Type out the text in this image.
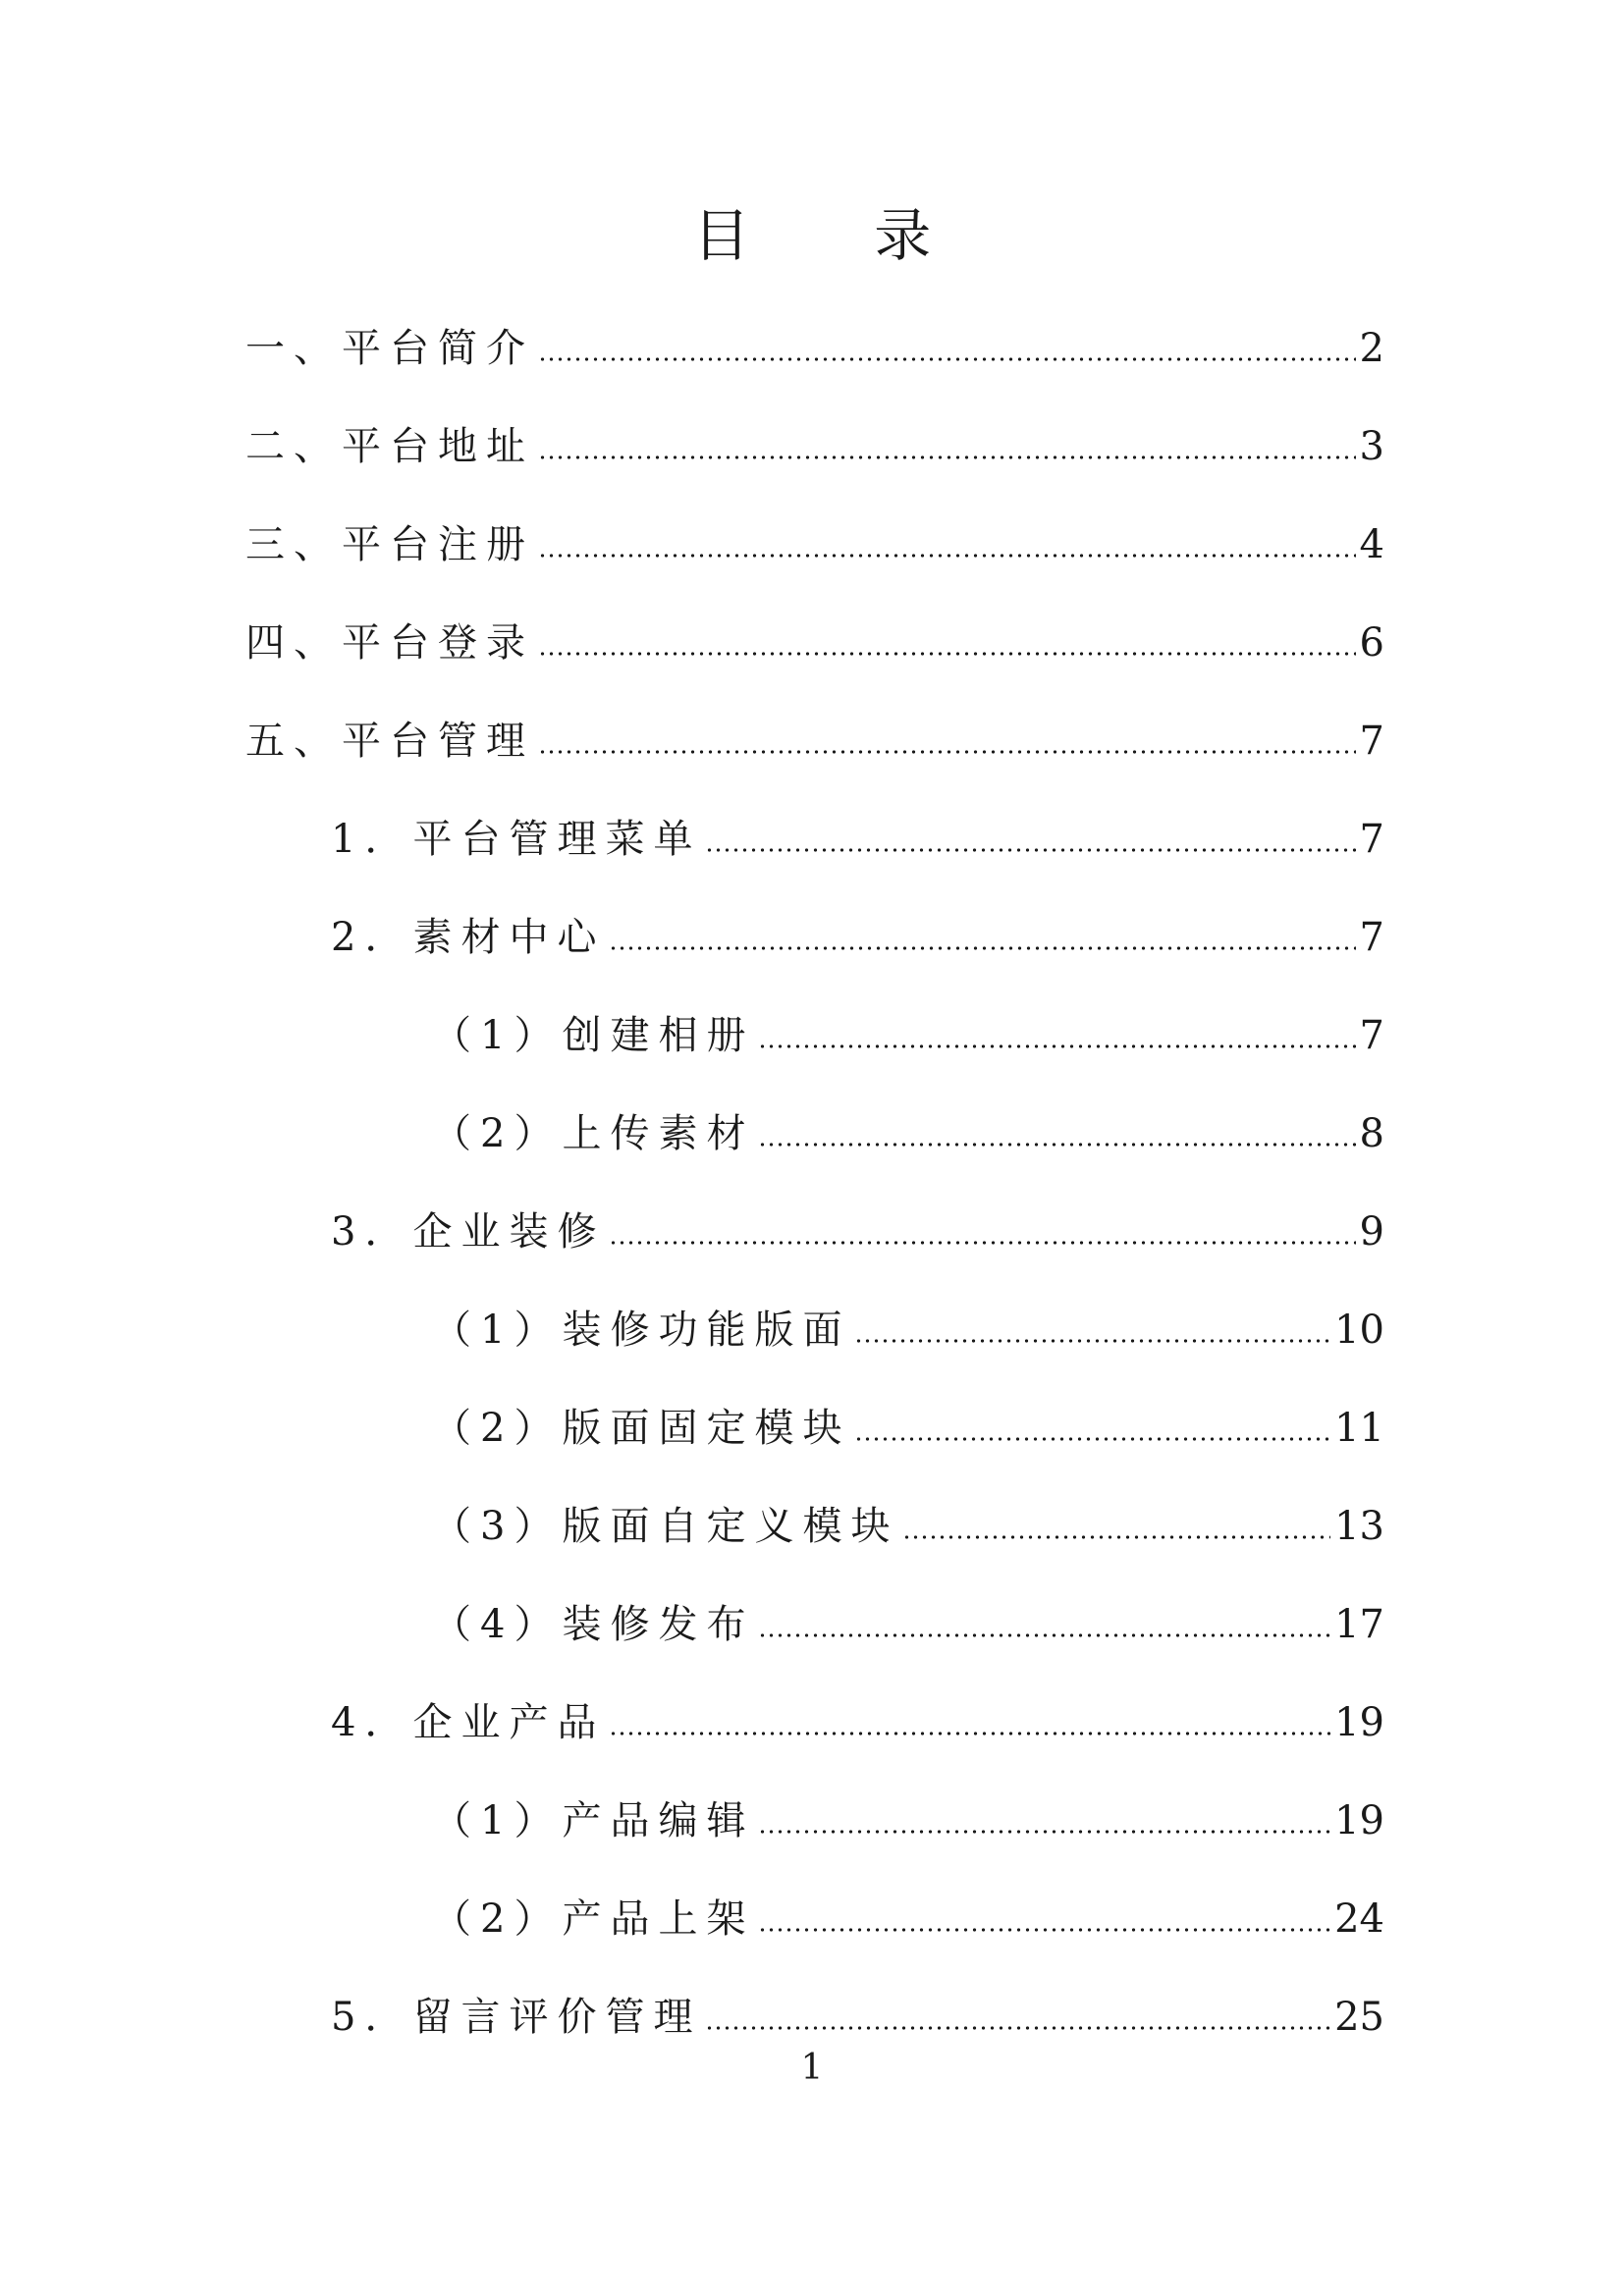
目 录
一、平台简介	2
二、平台地址	3
三、平台注册	4
四、平台登录	6
五、平台管理	7
1．平台管理菜单	7
2．素材中心	7
（1）创建相册	7
（2）上传素材	8
3．企业装修	9
（1）装修功能版面	10
（2）版面固定模块	11
（3）版面自定义模块	13
（4）装修发布	17
4．企业产品	19
（1）产品编辑	19
（2）产品上架	24
5．留言评价管理	25
1
